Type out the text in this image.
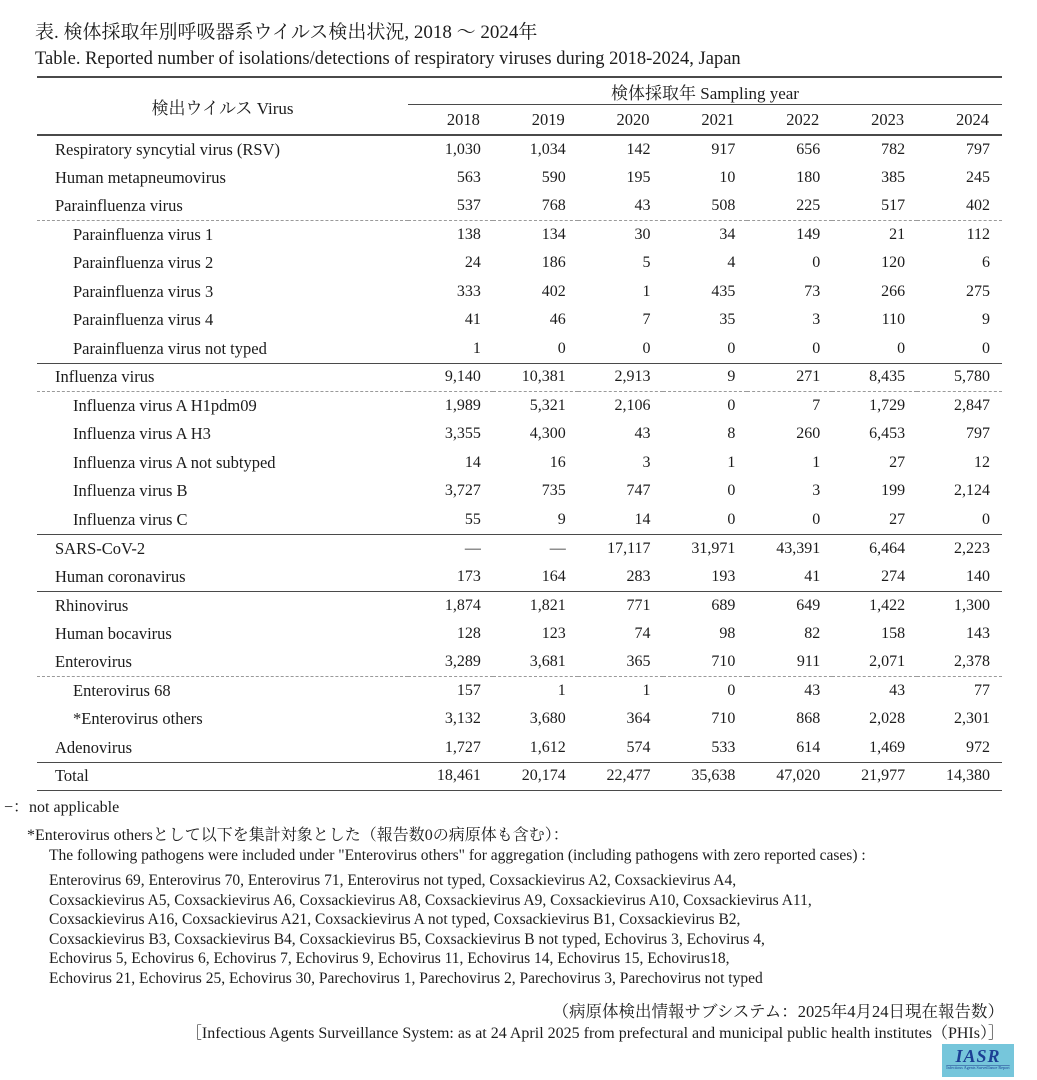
表. 検体採取年別呼吸器系ウイルス検出状況, 2018 ～ 2024年
Table. Reported number of isolations/detections of respiratory viruses during 2018-2024, Japan
検出ウイルス Virus	検体採取年 Sampling year						
	2018	2019	2020	2021	2022	2023	2024
Respiratory syncytial virus (RSV)	1,030	1,034	142	917	656	782	797
Human metapneumovirus	563	590	195	10	180	385	245
Parainfluenza virus	537	768	43	508	225	517	402
Parainfluenza virus 1	138	134	30	34	149	21	112
Parainfluenza virus 2	24	186	5	4	0	120	6
Parainfluenza virus 3	333	402	1	435	73	266	275
Parainfluenza virus 4	41	46	7	35	3	110	9
Parainfluenza virus not typed	1	0	0	0	0	0	0
Influenza virus	9,140	10,381	2,913	9	271	8,435	5,780
Influenza virus A H1pdm09	1,989	5,321	2,106	0	7	1,729	2,847
Influenza virus A H3	3,355	4,300	43	8	260	6,453	797
Influenza virus A not subtyped	14	16	3	1	1	27	12
Influenza virus B	3,727	735	747	0	3	199	2,124
Influenza virus C	55	9	14	0	0	27	0
SARS-CoV-2	—	—	17,117	31,971	43,391	6,464	2,223
Human coronavirus	173	164	283	193	41	274	140
Rhinovirus	1,874	1,821	771	689	649	1,422	1,300
Human bocavirus	128	123	74	98	82	158	143
Enterovirus	3,289	3,681	365	710	911	2,071	2,378
Enterovirus 68	157	1	1	0	43	43	77
*Enterovirus others	3,132	3,680	364	710	868	2,028	2,301
Adenovirus	1,727	1,612	574	533	614	1,469	972
Total	18,461	20,174	22,477	35,638	47,020	21,977	14,380
−：not applicable
*Enterovirus othersとして以下を集計対象とした（報告数0の病原体も含む）：
The following pathogens were included under "Enterovirus others" for aggregation (including pathogens with zero reported cases) :
Enterovirus 69, Enterovirus 70, Enterovirus 71, Enterovirus not typed, Coxsackievirus A2, Coxsackievirus A4,
Coxsackievirus A5, Coxsackievirus A6, Coxsackievirus A8, Coxsackievirus A9, Coxsackievirus A10, Coxsackievirus A11,
Coxsackievirus A16, Coxsackievirus A21, Coxsackievirus A not typed, Coxsackievirus B1, Coxsackievirus B2,
Coxsackievirus B3, Coxsackievirus B4, Coxsackievirus B5, Coxsackievirus B not typed, Echovirus 3, Echovirus 4,
Echovirus 5, Echovirus 6, Echovirus 7, Echovirus 9, Echovirus 11, Echovirus 14, Echovirus 15, Echovirus18,
Echovirus 21, Echovirus 25, Echovirus 30, Parechovirus 1, Parechovirus 2, Parechovirus 3, Parechovirus not typed
（病原体検出情報サブシステム：2025年4月24日現在報告数）
［Infectious Agents Surveillance System: as at 24 April 2025 from prefectural and municipal public health institutes（PHIs）］
IASR
Infectious Agents Surveillance Report
